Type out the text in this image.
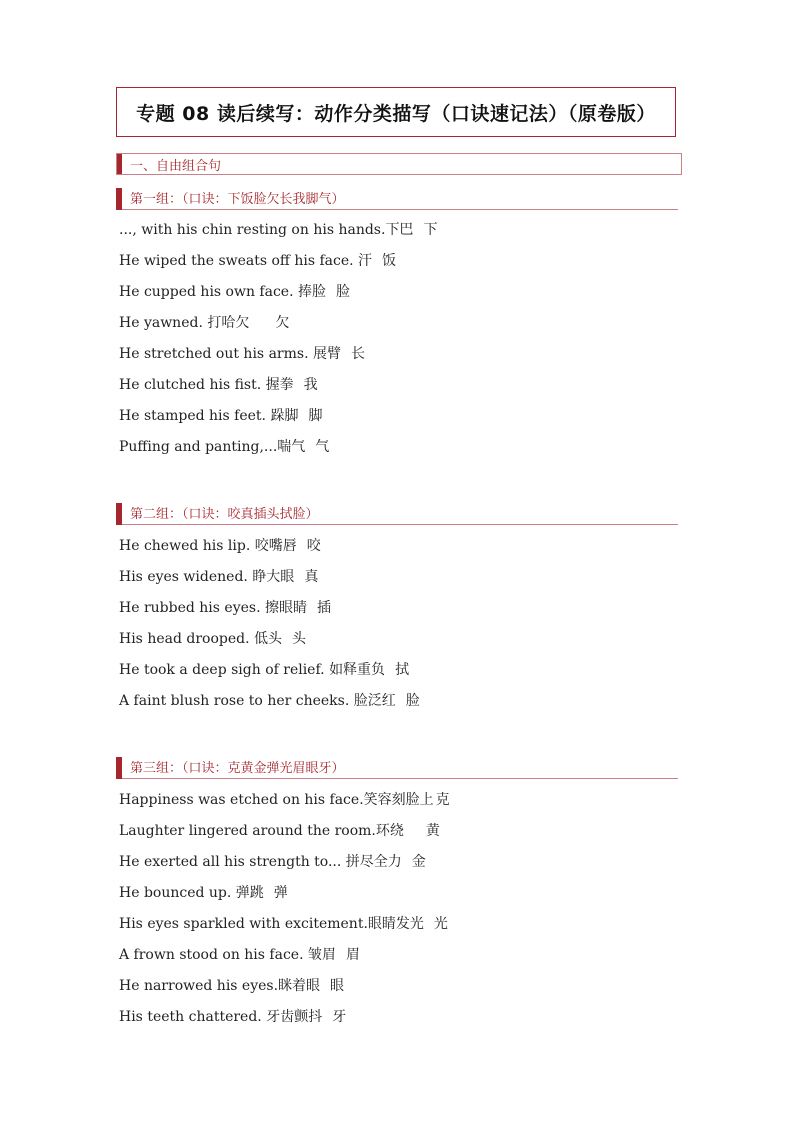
专题 08 读后续写：动作分类描写（口诀速记法）（原卷版）
一、自由组合句
第一组：（口诀：下饭脸欠长我脚气）
..., with his chin resting on his hands.下巴 下
He wiped the sweats off his face. 汗 饭
He cupped his own face. 捧脸 脸
He yawned. 打哈欠 欠
He stretched out his arms. 展臂 长
He clutched his fist. 握拳 我
He stamped his feet. 跺脚 脚
Puffing and panting,...喘气 气
第二组：（口诀：咬真插头拭脸）
He chewed his lip. 咬嘴唇 咬
His eyes widened. 睁大眼 真
He rubbed his eyes. 擦眼睛 插
His head drooped. 低头 头
He took a deep sigh of relief. 如释重负 拭
A faint blush rose to her cheeks. 脸泛红 脸
第三组：（口诀：克黄金弹光眉眼牙）
Happiness was etched on his face.笑容刻脸上 克
Laughter lingered around the room.环绕 黄
He exerted all his strength to... 拼尽全力 金
He bounced up. 弹跳 弹
His eyes sparkled with excitement.眼睛发光 光
A frown stood on his face. 皱眉 眉
He narrowed his eyes.眯着眼 眼
His teeth chattered. 牙齿颤抖 牙
